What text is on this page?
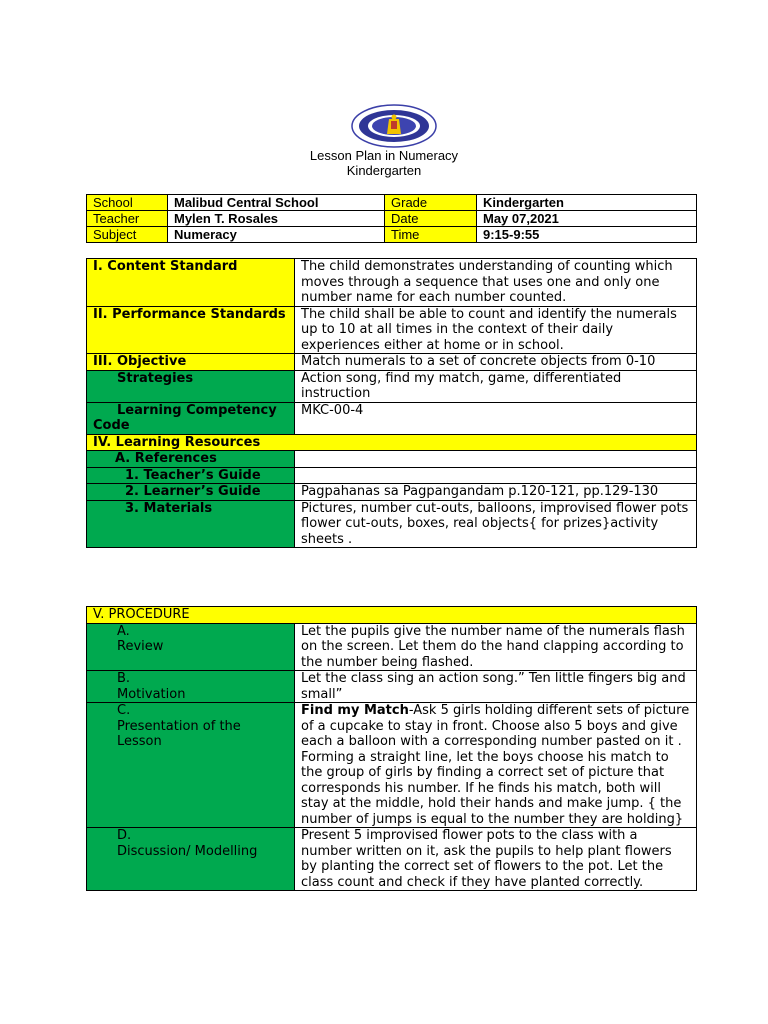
Lesson Plan in Numeracy
Kindergarten
School	Malibud Central School	Grade	Kindergarten
Teacher	Mylen T. Rosales	Date	May 07,2021
Subject	Numeracy	Time	9:15-9:55
I. Content Standard	The child demonstrates understanding of counting which moves through a sequence that uses one and only one number name for each number counted.
II. Performance Standards	The child shall be able to count and identify the numerals up to 10 at all times in the context of their daily experiences either at home or in school.
III. Objective	Match numerals to a set of concrete objects from 0-10
Strategies	Action song, find my match, game, differentiated instruction
Learning Competency Code	MKC-00-4
IV. Learning Resources	
A. References	
1. Teacher’s Guide	
2. Learner’s Guide	Pagpahanas sa Pagpangandam p.120-121, pp.129-130
3. Materials	Pictures, number cut-outs, balloons, improvised flower pots flower cut-outs, boxes, real objects{ for prizes}activity sheets .
V. PROCEDURE	
A.Review	Let the pupils give the number name of the numerals flash on the screen. Let them do the hand clapping according to the number being flashed.
B.Motivation	Let the class sing an action song.” Ten little fingers big and small”
C.Presentation of the Lesson	Find my Match-Ask 5 girls holding different sets of picture of a cupcake to stay in front. Choose also 5 boys and give each a balloon with a corresponding number pasted on it . Forming a straight line, let the boys choose his match to the group of girls by finding a correct set of picture that corresponds his number. If he finds his match, both will stay at the middle, hold their hands and make jump. { the number of jumps is equal to the number they are holding}
D.Discussion/ Modelling	Present 5 improvised flower pots to the class with a number written on it, ask the pupils to help plant flowers by planting the correct set of flowers to the pot. Let the class count and check if they have planted correctly.
